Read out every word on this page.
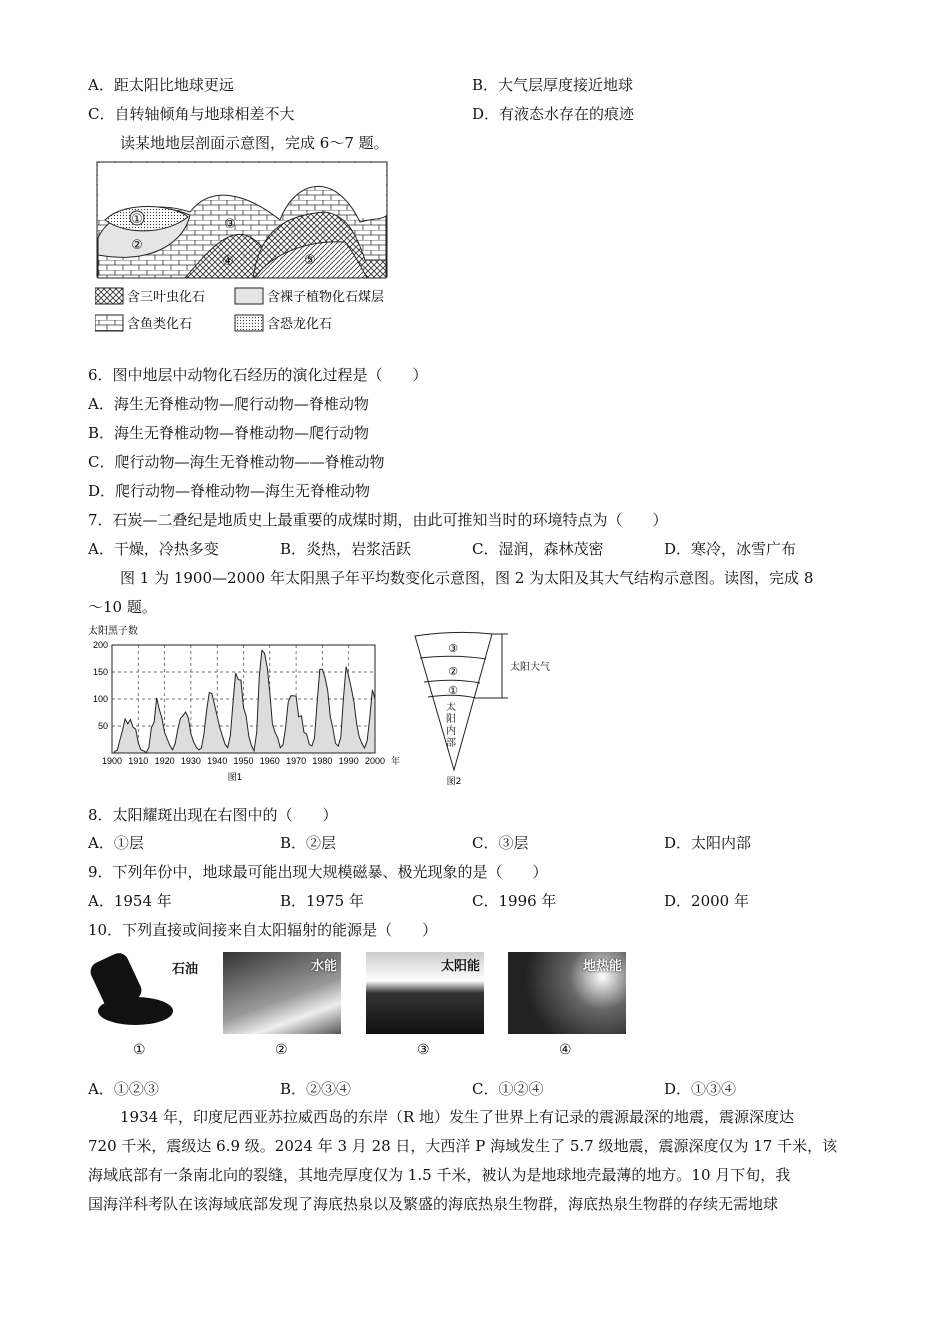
A．距太阳比地球更远	B．大气层厚度接近地球
C．自转轴倾角与地球相差不大	D．有液态水存在的痕迹
读某地地层剖面示意图，完成 6～7 题。
①
②
③
④	⑤
含三叶虫化石	含裸子植物化石煤层
含鱼类化石	含恐龙化石
6．图中地层中动物化石经历的演化过程是（　　）
A．海生无脊椎动物—爬行动物—脊椎动物
B．海生无脊椎动物—脊椎动物—爬行动物
C．爬行动物—海生无脊椎动物——脊椎动物
D．爬行动物—脊椎动物—海生无脊椎动物
7．石炭—二叠纪是地质史上最重要的成煤时期，由此可推知当时的环境特点为（　　）
A．干燥，冷热多变	B．炎热，岩浆活跃	C．湿润，森林茂密	D．寒冷，冰雪广布
图 1 为 1900—2000 年太阳黑子年平均数变化示意图，图 2 为太阳及其大气结构示意图。读图，完成 8
～10 题。
太阳黑子数
1900 1910 1920 1930 1940 1950 1960 1970 1980 1990 2000
50
100
150
200
年
图1
③
②
①
太阳内部
太阳大气
图2
8．太阳耀斑出现在右图中的（　　）
A．①层	B．②层	C．③层	D．太阳内部
9．下列年份中，地球最可能出现大规模磁暴、极光现象的是（　　）
A．1954 年	B．1975 年	C．1996 年	D．2000 年
10．下列直接或间接来自太阳辐射的能源是（　　）
石油	水能	太阳能	地热能
①	②	③	④
A．①②③	B．②③④	C．①②④	D．①③④
1934 年，印度尼西亚苏拉威西岛的东岸（R 地）发生了世界上有记录的震源最深的地震，震源深度达
720 千米，震级达 6.9 级。2024 年 3 月 28 日，大西洋 P 海域发生了 5.7 级地震，震源深度仅为 17 千米，该
海域底部有一条南北向的裂缝，其地壳厚度仅为 1.5 千米，被认为是地球地壳最薄的地方。10 月下旬，我
国海洋科考队在该海域底部发现了海底热泉以及繁盛的海底热泉生物群，海底热泉生物群的存续无需地球
